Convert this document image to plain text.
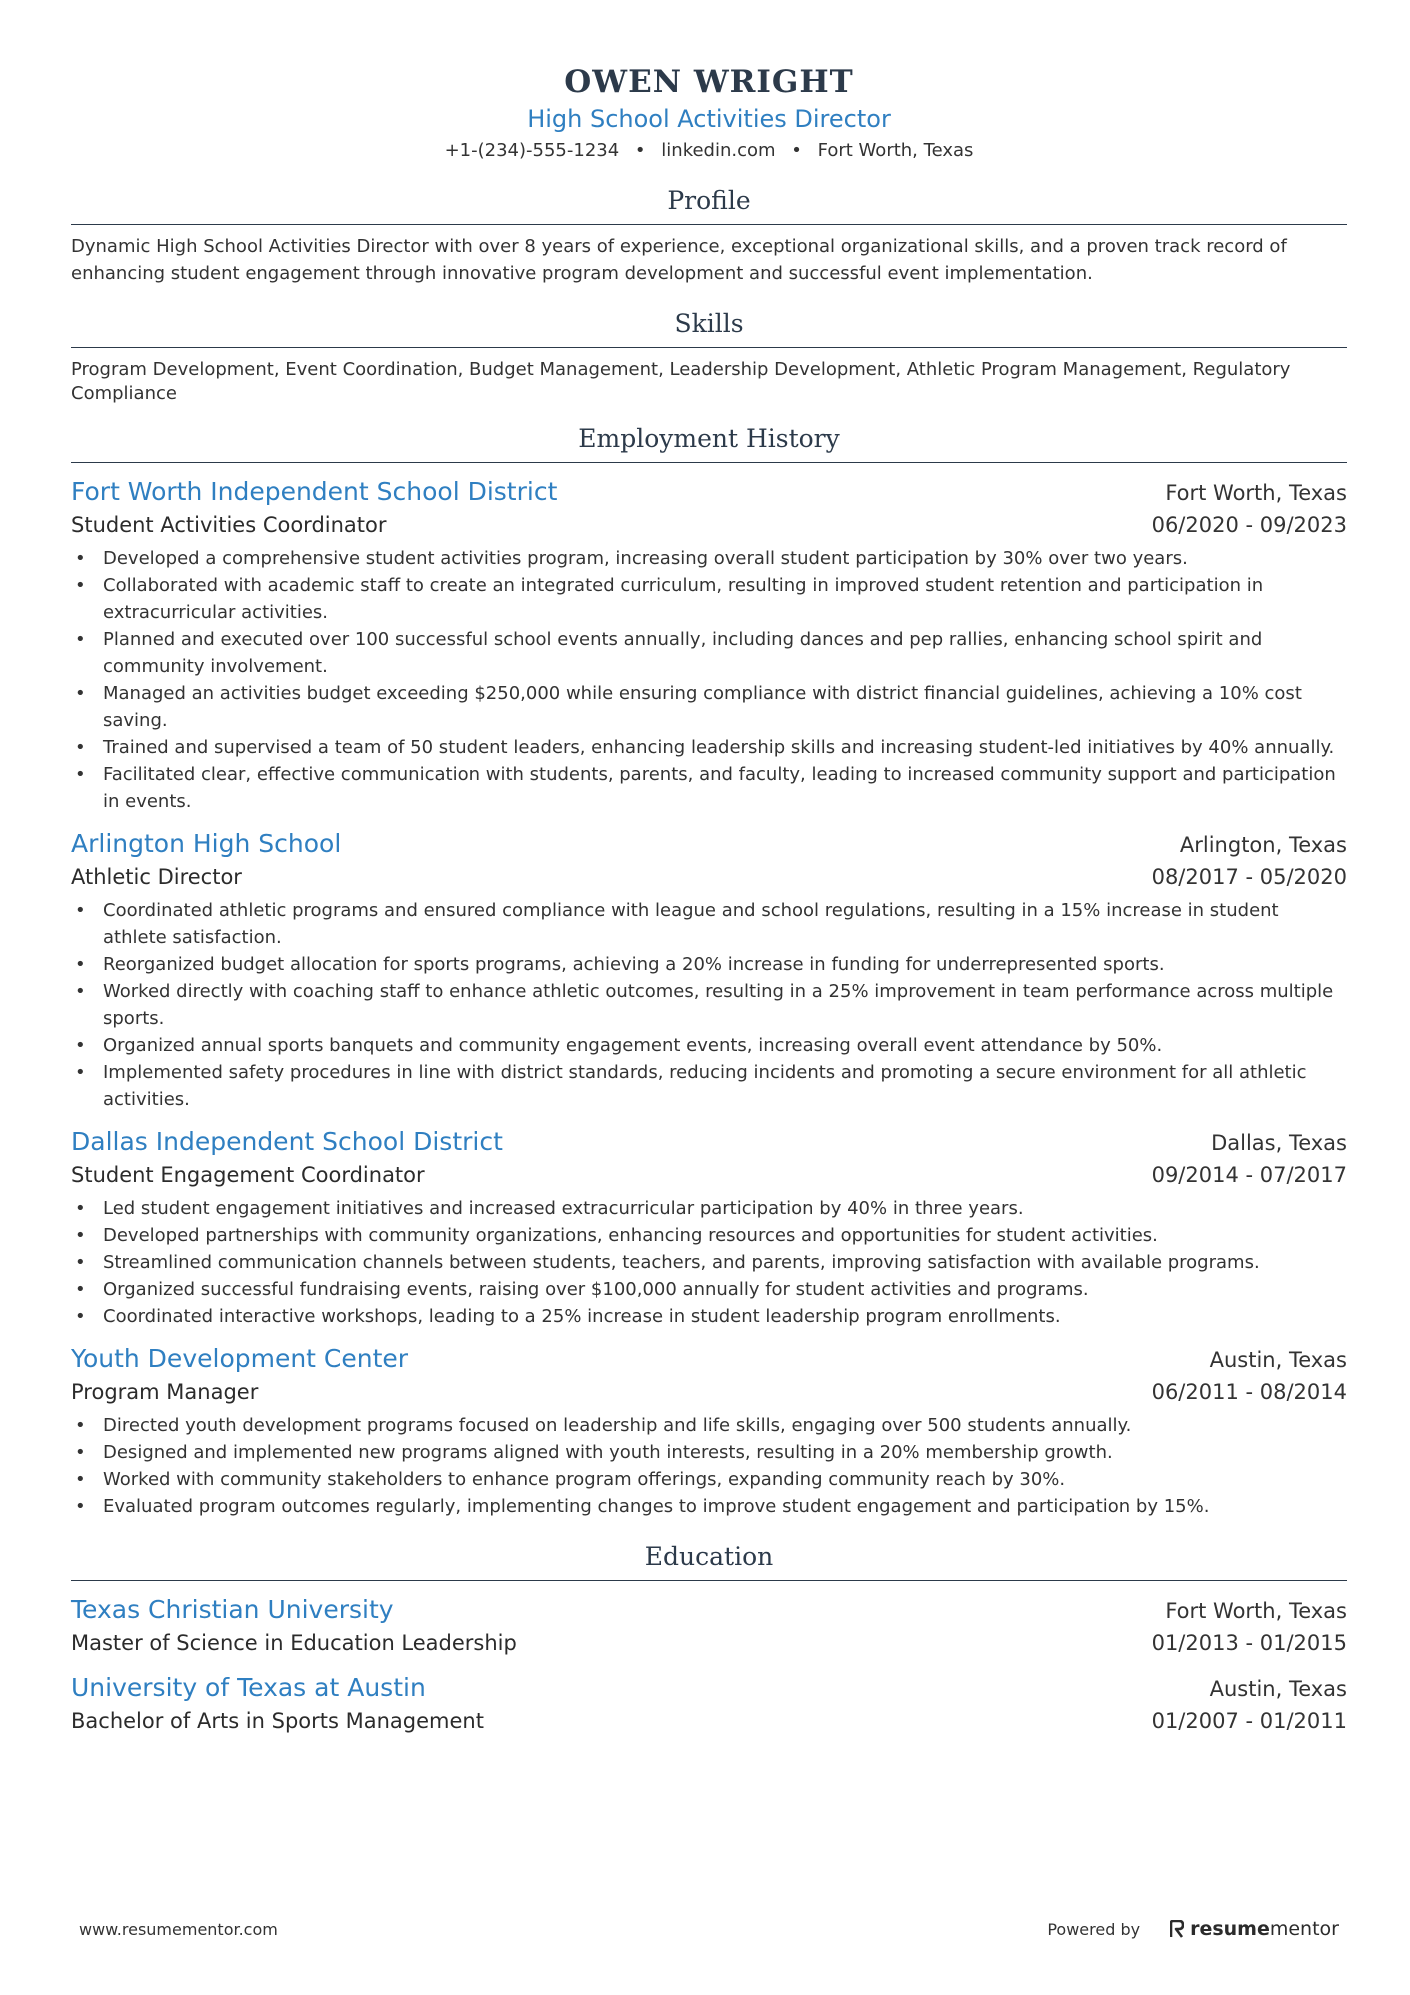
OWEN WRIGHT
High School Activities Director
+1-(234)-555-1234 • linkedin.com • Fort Worth, Texas
Profile
Dynamic High School Activities Director with over 8 years of experience, exceptional organizational skills, and a proven track record of enhancing student engagement through innovative program development and successful event implementation.
Skills
Program Development, Event Coordination, Budget Management, Leadership Development, Athletic Program Management, Regulatory Compliance
Employment History
Fort Worth Independent School District	Fort Worth, Texas
Student Activities Coordinator	06/2020 - 09/2023
• Developed a comprehensive student activities program, increasing overall student participation by 30% over two years.
• Collaborated with academic staff to create an integrated curriculum, resulting in improved student retention and participation in extracurricular activities.
• Planned and executed over 100 successful school events annually, including dances and pep rallies, enhancing school spirit and community involvement.
• Managed an activities budget exceeding $250,000 while ensuring compliance with district financial guidelines, achieving a 10% cost saving.
• Trained and supervised a team of 50 student leaders, enhancing leadership skills and increasing student-led initiatives by 40% annually.
• Facilitated clear, effective communication with students, parents, and faculty, leading to increased community support and participation in events.
Arlington High School	Arlington, Texas
Athletic Director	08/2017 - 05/2020
• Coordinated athletic programs and ensured compliance with league and school regulations, resulting in a 15% increase in student athlete satisfaction.
• Reorganized budget allocation for sports programs, achieving a 20% increase in funding for underrepresented sports.
• Worked directly with coaching staff to enhance athletic outcomes, resulting in a 25% improvement in team performance across multiple sports.
• Organized annual sports banquets and community engagement events, increasing overall event attendance by 50%.
• Implemented safety procedures in line with district standards, reducing incidents and promoting a secure environment for all athletic activities.
Dallas Independent School District	Dallas, Texas
Student Engagement Coordinator	09/2014 - 07/2017
• Led student engagement initiatives and increased extracurricular participation by 40% in three years.
• Developed partnerships with community organizations, enhancing resources and opportunities for student activities.
• Streamlined communication channels between students, teachers, and parents, improving satisfaction with available programs.
• Organized successful fundraising events, raising over $100,000 annually for student activities and programs.
• Coordinated interactive workshops, leading to a 25% increase in student leadership program enrollments.
Youth Development Center	Austin, Texas
Program Manager	06/2011 - 08/2014
• Directed youth development programs focused on leadership and life skills, engaging over 500 students annually.
• Designed and implemented new programs aligned with youth interests, resulting in a 20% membership growth.
• Worked with community stakeholders to enhance program offerings, expanding community reach by 30%.
• Evaluated program outcomes regularly, implementing changes to improve student engagement and participation by 15%.
Education
Texas Christian University	Fort Worth, Texas
Master of Science in Education Leadership	01/2013 - 01/2015
University of Texas at Austin	Austin, Texas
Bachelor of Arts in Sports Management	01/2007 - 01/2011
www.resumementor.com	Powered by	resume mentor
